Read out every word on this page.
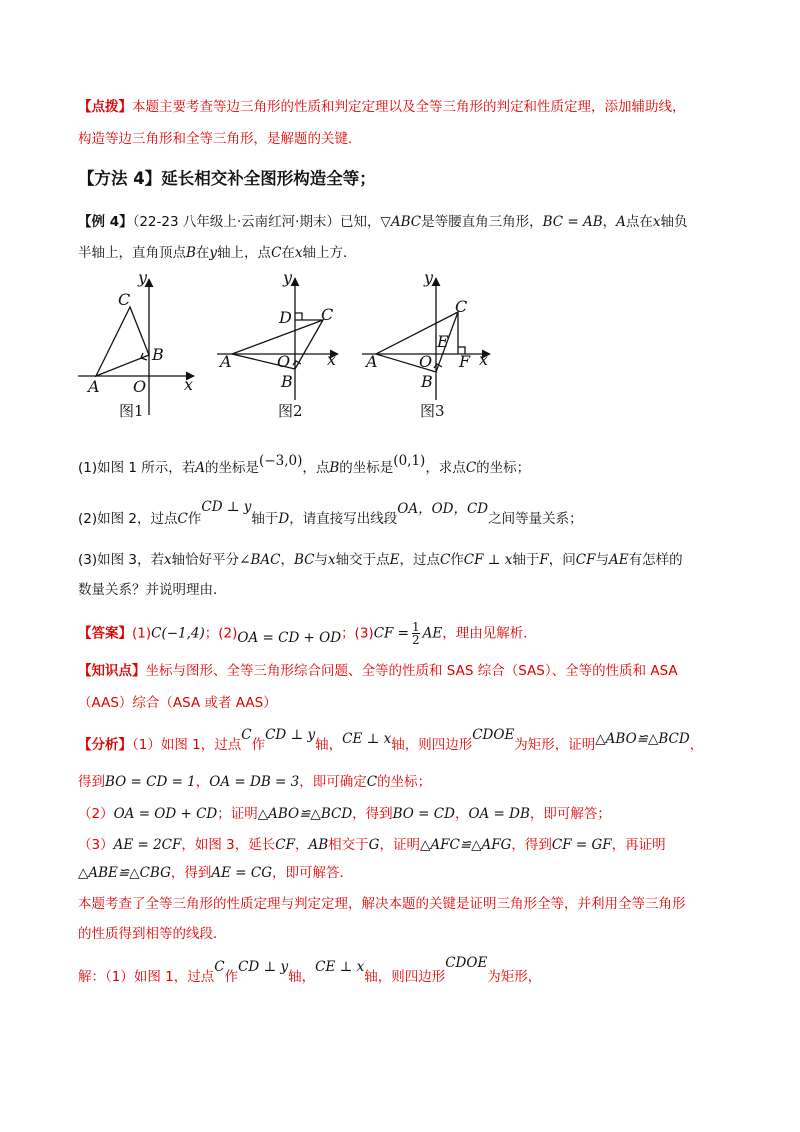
【点拨】本题主要考查等边三角形的性质和判定定理以及全等三角形的判定和性质定理，添加辅助线，
构造等边三角形和全等三角形，是解题的关键．
【方法 4】延长相交补全图形构造全等；
【例 4】（22-23 八年级上·云南红河·期末）已知，▽ABC是等腰直角三角形，BC = AB，A点在x轴负
半轴上，直角顶点B在y轴上，点C在x轴上方．
y
C
B
A O x
y
D C
A	O x
B
y
C
E
A	O F x
B
图1	图2	图3
(1)如图 1 所示，若A的坐标是(−3,0)，点B的坐标是(0,1)，求点C的坐标；
(2)如图 2，过点C作CD ⊥ y轴于D，请直接写出线段OA，OD，CD之间等量关系；
(3)如图 3，若x轴恰好平分∠BAC，BC与x轴交于点E，过点C作CF ⊥ x轴于F，问CF与AE有怎样的
数量关系？并说明理由．
【答案】(1)C(−1,4)；(2)OA = CD + OD；$(3)CF = \frac{1}{2}$ AE，理由见解析．
【知识点】坐标与图形、全等三角形综合问题、全等的性质和 SAS 综合（SAS）、全等的性质和 ASA
（AAS）综合（ASA 或者 AAS）
【分析】（1）如图 1，过点C作CD ⊥ y轴，CE ⊥ x轴，则四边形CDOE为矩形，证明△ABO≌△BCD，
得到BO = CD = 1，OA = DB = 3，即可确定C的坐标；
（2）OA = OD + CD；证明△ABO≌△BCD，得到BO = CD，OA = DB，即可解答；
（3）AE = 2CF，如图 3，延长CF，AB相交于G，证明△AFC≌△AFG，得到CF = GF，再证明
△ABE≌△CBG，得到AE = CG，即可解答．
本题考查了全等三角形的性质定理与判定定理，解决本题的关键是证明三角形全等，并利用全等三角形
的性质得到相等的线段．
解：（1）如图 1，过点C作CD ⊥ y轴，CE ⊥ x轴，则四边形CDOE为矩形，
